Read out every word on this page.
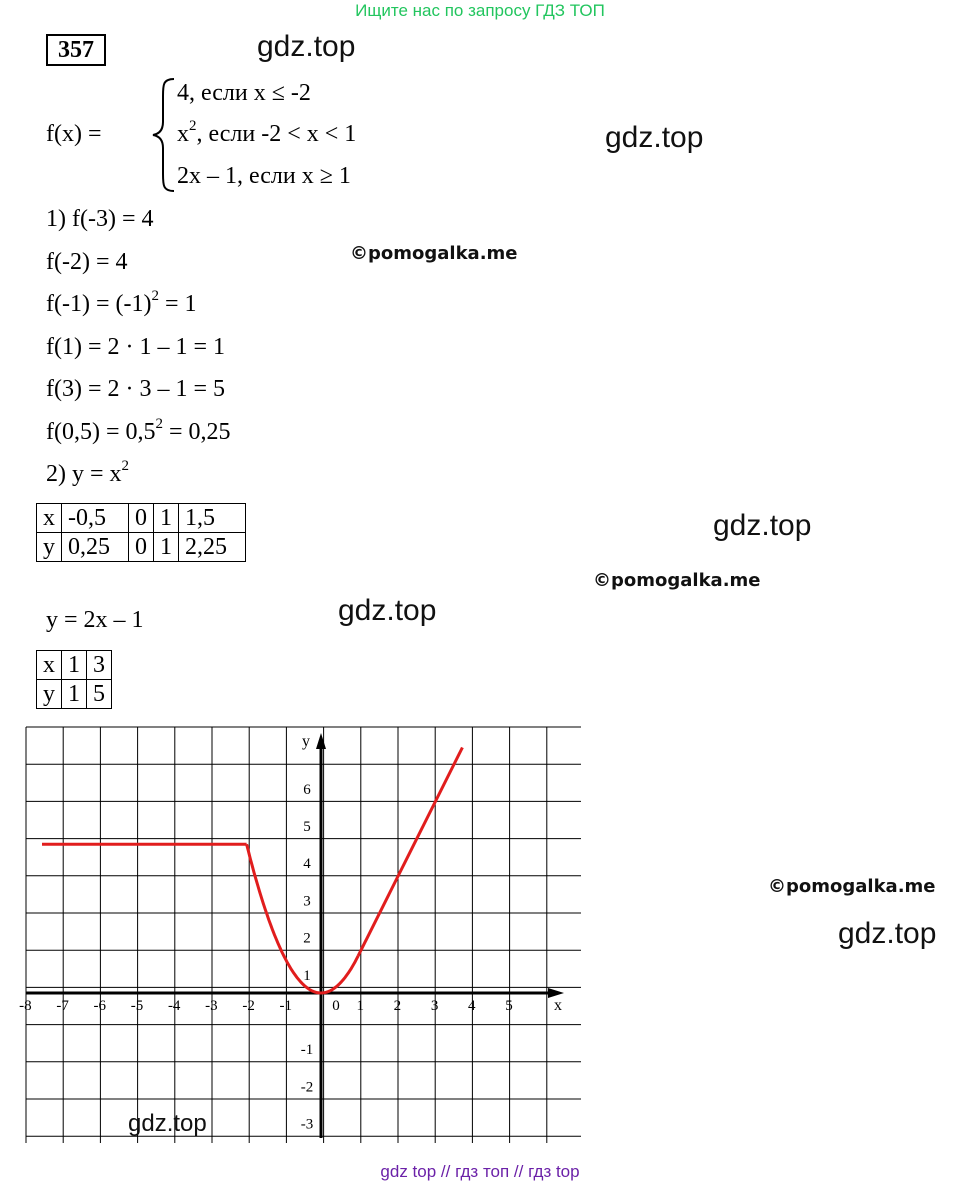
Ищите нас по запросу ГДЗ ТОП
357	gdz.top
gdz.top
©pomogalka.me
gdz.top
©pomogalka.me
gdz.top
©pomogalka.me
gdz.top
f(x) =
4, если x ≤ -2
$x^2$, если -2 < x < 1
2x – 1, если x ≥ 1
1) f(-3) = 4
f(-2) = 4
$f(-1) = (-1)^2 = 1$
f(1) = 2 · 1 – 1 = 1
f(3) = 2 · 3 – 1 = 5
$f(0,5) = 0,5^2 = 0,25$
2) $y = x^2$
x	-0,5	0	1	1,5
y	0,25	0	1	2,25
y = 2x – 1
x	1	3
y	1	5
x
y
-8 -7 -6 -5 -4 -3 -2 -1	0 1 2 3 4 5
6
5
4
3
2
1
-1
-2
-3
gdz.top
gdz top // гдз топ // гдз top
